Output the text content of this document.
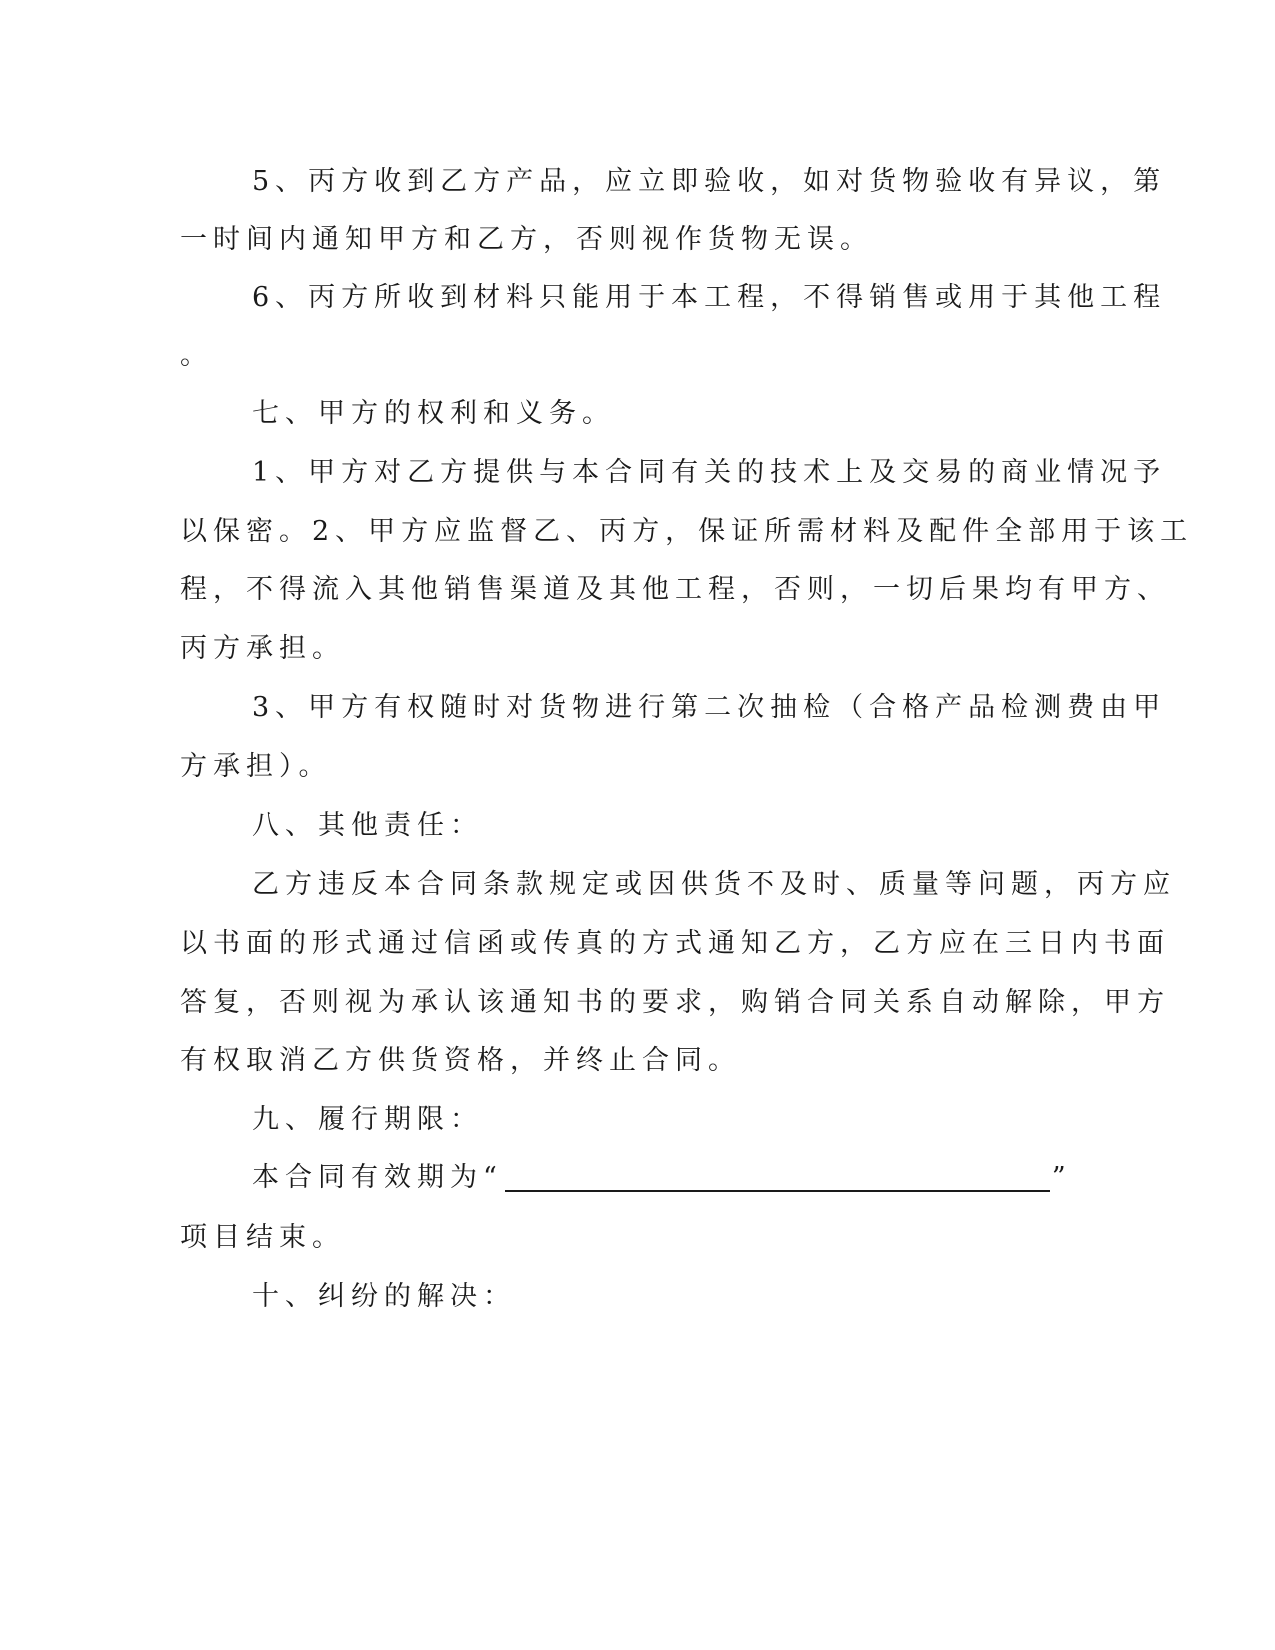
5、丙方收到乙方产品，应立即验收，如对货物验收有异议，第
一时间内通知甲方和乙方，否则视作货物无误。
6、丙方所收到材料只能用于本工程，不得销售或用于其他工程
。
七、甲方的权利和义务。
1、甲方对乙方提供与本合同有关的技术上及交易的商业情况予
以保密。2、甲方应监督乙、丙方，保证所需材料及配件全部用于该工
程，不得流入其他销售渠道及其他工程，否则，一切后果均有甲方、
丙方承担。
3、甲方有权随时对货物进行第二次抽检（合格产品检测费由甲
方承担）。
八、其他责任：
乙方违反本合同条款规定或因供货不及时、质量等问题，丙方应
以书面的形式通过信函或传真的方式通知乙方，乙方应在三日内书面
答复，否则视为承认该通知书的要求，购销合同关系自动解除，甲方
有权取消乙方供货资格，并终止合同。
九、履行期限：
本合同有效期为“	”
项目结束。
十、纠纷的解决：
